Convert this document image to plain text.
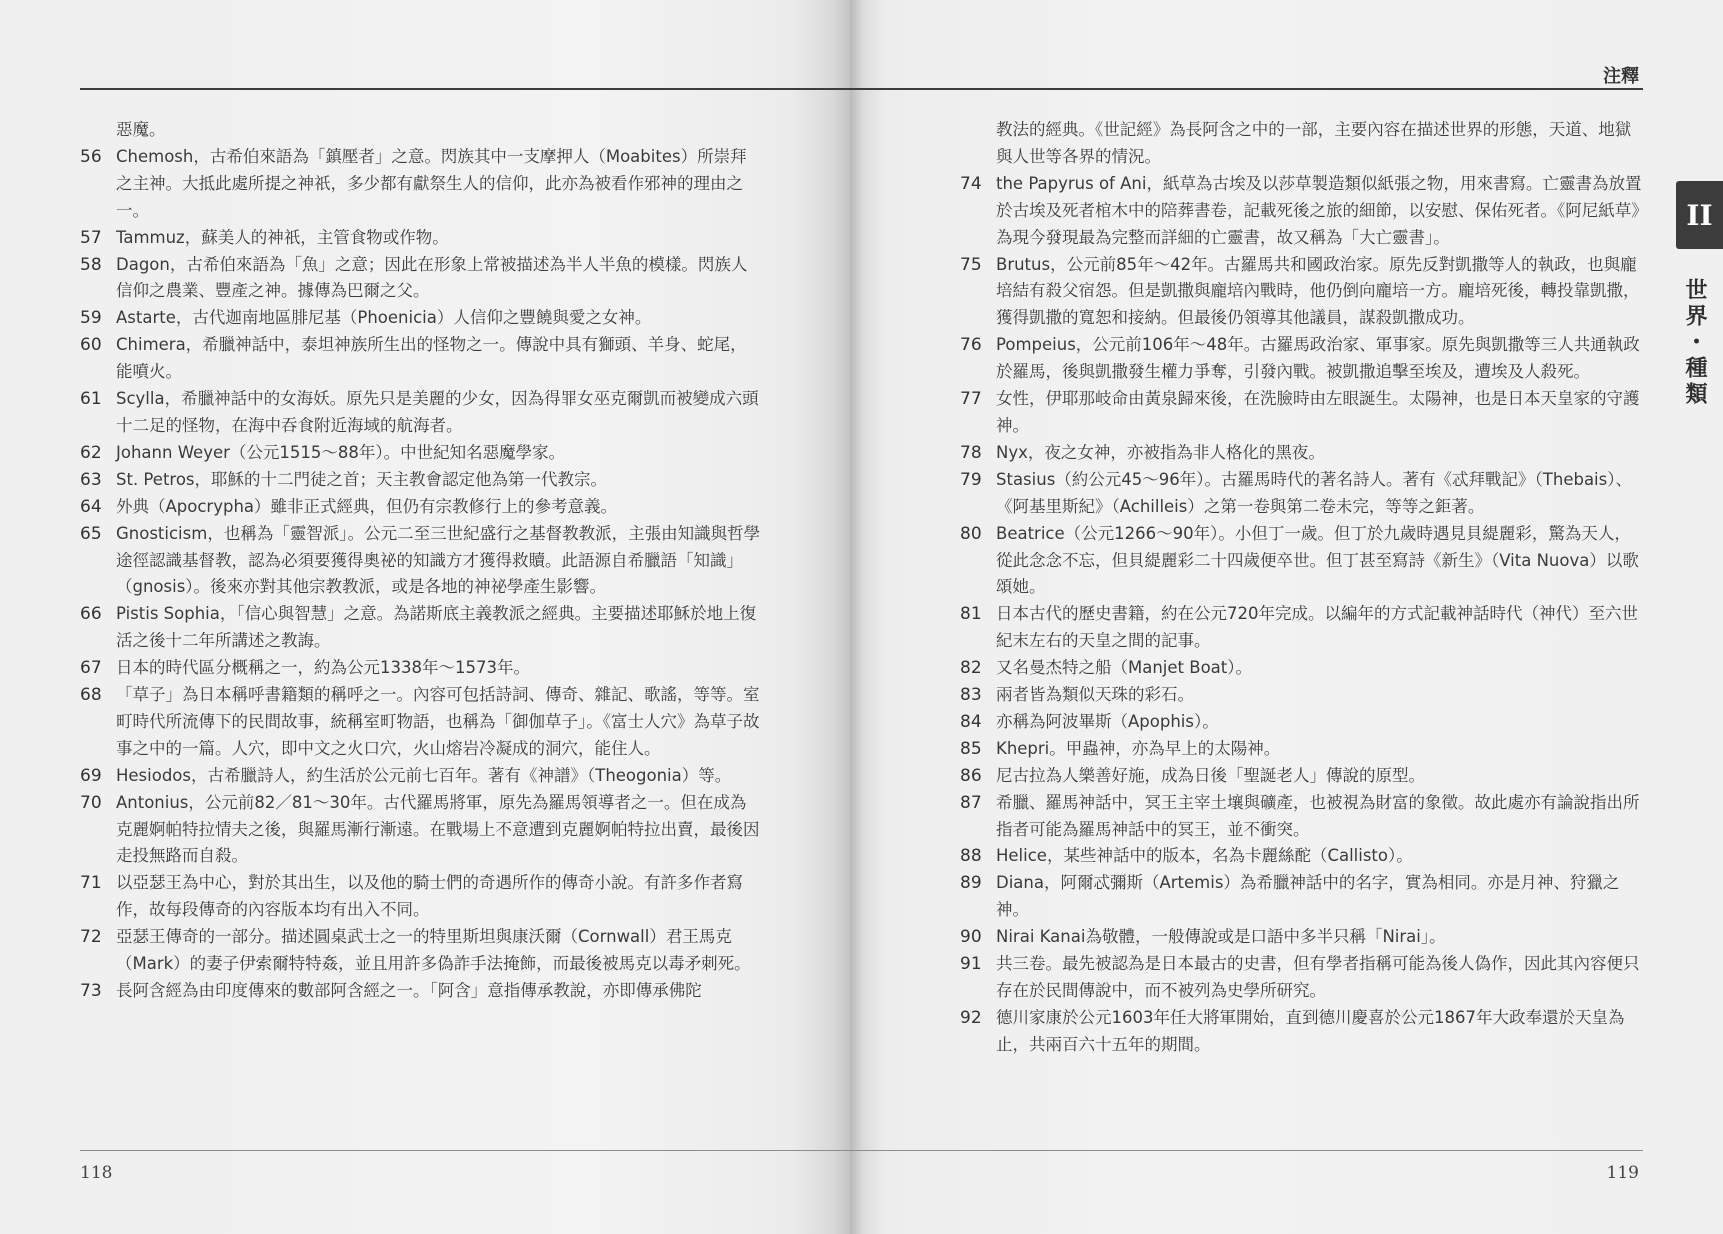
惡魔。
56 Chemosh，古希伯來語為「鎮壓者」之意。閃族其中一支摩押人（Moabites）所崇拜之主神。大抵此處所提之神祇，多少都有獻祭生人的信仰，此亦為被看作邪神的理由之一。
57 Tammuz，蘇美人的神祇，主管食物或作物。
58 Dagon，古希伯來語為「魚」之意；因此在形象上常被描述為半人半魚的模樣。閃族人信仰之農業、豐產之神。據傳為巴爾之父。
59 Astarte，古代迦南地區腓尼基（Phoenicia）人信仰之豐饒與愛之女神。
60 Chimera，希臘神話中，泰坦神族所生出的怪物之一。傳說中具有獅頭、羊身、蛇尾，能噴火。
61 Scylla，希臘神話中的女海妖。原先只是美麗的少女，因為得罪女巫克爾凱而被變成六頭十二足的怪物，在海中吞食附近海域的航海者。
62 Johann Weyer（公元1515～88年）。中世紀知名惡魔學家。
63 St. Petros，耶穌的十二門徒之首；天主教會認定他為第一代教宗。
64 外典（Apocrypha）雖非正式經典，但仍有宗教修行上的參考意義。
65 Gnosticism，也稱為「靈智派」。公元二至三世紀盛行之基督教教派，主張由知識與哲學途徑認識基督教，認為必須要獲得奧祕的知識方才獲得救贖。此語源自希臘語「知識」（gnosis）。後來亦對其他宗教教派，或是各地的神祕學產生影響。
66 Pistis Sophia，「信心與智慧」之意。為諾斯底主義教派之經典。主要描述耶穌於地上復活之後十二年所講述之教誨。
67 日本的時代區分概稱之一，約為公元1338年～1573年。
68 「草子」為日本稱呼書籍類的稱呼之一。內容可包括詩詞、傳奇、雜記、歌謠，等等。室町時代所流傳下的民間故事，統稱室町物語，也稱為「御伽草子」。《富士人穴》為草子故事之中的一篇。人穴，即中文之火口穴，火山熔岩冷凝成的洞穴，能住人。
69 Hesiodos，古希臘詩人，約生活於公元前七百年。著有《神譜》（Theogonia）等。
70 Antonius，公元前82／81～30年。古代羅馬將軍，原先為羅馬領導者之一。但在成為克麗婀帕特拉情夫之後，與羅馬漸行漸遠。在戰場上不意遭到克麗婀帕特拉出賣，最後因走投無路而自殺。
71 以亞瑟王為中心，對於其出生，以及他的騎士們的奇遇所作的傳奇小說。有許多作者寫作，故每段傳奇的內容版本均有出入不同。
72 亞瑟王傳奇的一部分。描述圓桌武士之一的特里斯坦與康沃爾（Cornwall）君王馬克（Mark）的妻子伊索爾特特姦，並且用許多偽詐手法掩飾，而最後被馬克以毒矛刺死。
73 長阿含經為由印度傳來的數部阿含經之一。「阿含」意指傳承教說，亦即傳承佛陀
118
注釋
119
教法的經典。《世記經》為長阿含之中的一部，主要內容在描述世界的形態，天道、地獄與人世等各界的情況。
74 the Papyrus of Ani，紙草為古埃及以莎草製造類似紙張之物，用來書寫。亡靈書為放置於古埃及死者棺木中的陪葬書卷，記載死後之旅的細節，以安慰、保佑死者。《阿尼紙草》為現今發現最為完整而詳細的亡靈書，故又稱為「大亡靈書」。
75 Brutus，公元前85年～42年。古羅馬共和國政治家。原先反對凱撒等人的執政，也與龐培結有殺父宿怨。但是凱撒與龐培內戰時，他仍倒向龐培一方。龐培死後，轉投靠凱撒，獲得凱撒的寬恕和接納。但最後仍領導其他議員，謀殺凱撒成功。
76 Pompeius，公元前106年～48年。古羅馬政治家、軍事家。原先與凱撒等三人共通執政於羅馬，後與凱撒發生權力爭奪，引發內戰。被凱撒追擊至埃及，遭埃及人殺死。
77 女性，伊耶那岐命由黃泉歸來後，在洗臉時由左眼誕生。太陽神，也是日本天皇家的守護神。
78 Nyx，夜之女神，亦被指為非人格化的黑夜。
79 Stasius（約公元45～96年）。古羅馬時代的著名詩人。著有《忒拜戰記》（Thebais）、《阿基里斯紀》（Achilleis）之第一卷與第二卷未完，等等之鉅著。
80 Beatrice（公元1266～90年）。小但丁一歲。但丁於九歲時遇見貝緹麗彩，驚為天人，從此念念不忘，但貝緹麗彩二十四歲便卒世。但丁甚至寫詩《新生》（Vita Nuova）以歌頌她。
81 日本古代的歷史書籍，約在公元720年完成。以編年的方式記載神話時代（神代）至六世紀末左右的天皇之間的記事。
82 又名曼杰特之船（Manjet Boat）。
83 兩者皆為類似天珠的彩石。
84 亦稱為阿波畢斯（Apophis）。
85 Khepri。甲蟲神，亦為早上的太陽神。
86 尼古拉為人樂善好施，成為日後「聖誕老人」傳說的原型。
87 希臘、羅馬神話中，冥王主宰土壤與礦產，也被視為財富的象徵。故此處亦有論說指出所指者可能為羅馬神話中的冥王，並不衝突。
88 Helice，某些神話中的版本，名為卡麗絲酡（Callisto）。
89 Diana，阿爾忒彌斯（Artemis）為希臘神話中的名字，實為相同。亦是月神、狩獵之神。
90 Nirai Kanai為敬體，一般傳說或是口語中多半只稱「Nirai」。
91 共三卷。最先被認為是日本最古的史書，但有學者指稱可能為後人偽作，因此其內容便只存在於民間傳說中，而不被列為史學所研究。
92 德川家康於公元1603年任大將軍開始，直到德川慶喜於公元1867年大政奉還於天皇為止，共兩百六十五年的期間。
II
世界・種類
